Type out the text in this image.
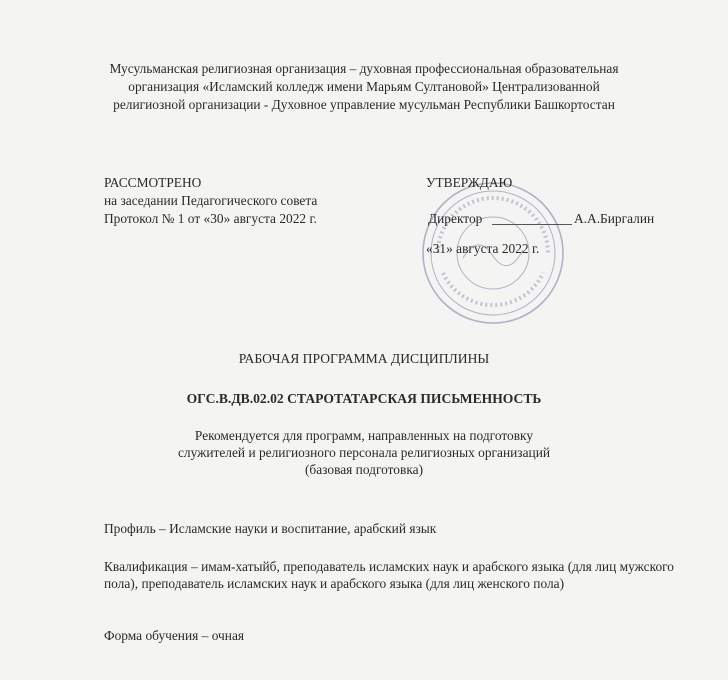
Мусульманская религиозная организация – духовная профессиональная образовательная
организация «Исламский колледж имени Марьям Султановой» Централизованной
религиозной организации - Духовное управление мусульман Республики Башкортостан
РАССМОТРЕНО
на заседании Педагогического совета
Протокол № 1 от «30» августа 2022 г.
УТВЕРЖДАЮ
Директор	А.А.Биргалин
«31» августа 2022 г.
РАБОЧАЯ ПРОГРАММА ДИСЦИПЛИНЫ
ОГС.В.ДВ.02.02 СТАРОТАТАРСКАЯ ПИСЬМЕННОСТЬ
Рекомендуется для программ, направленных на подготовку
служителей и религиозного персонала религиозных организаций
(базовая подготовка)
Профиль – Исламские науки и воспитание, арабский язык
Квалификация – имам-хатыйб, преподаватель исламских наук и арабского языка (для лиц мужского пола), преподаватель исламских наук и арабского языка (для лиц женского пола)
Форма обучения – очная
